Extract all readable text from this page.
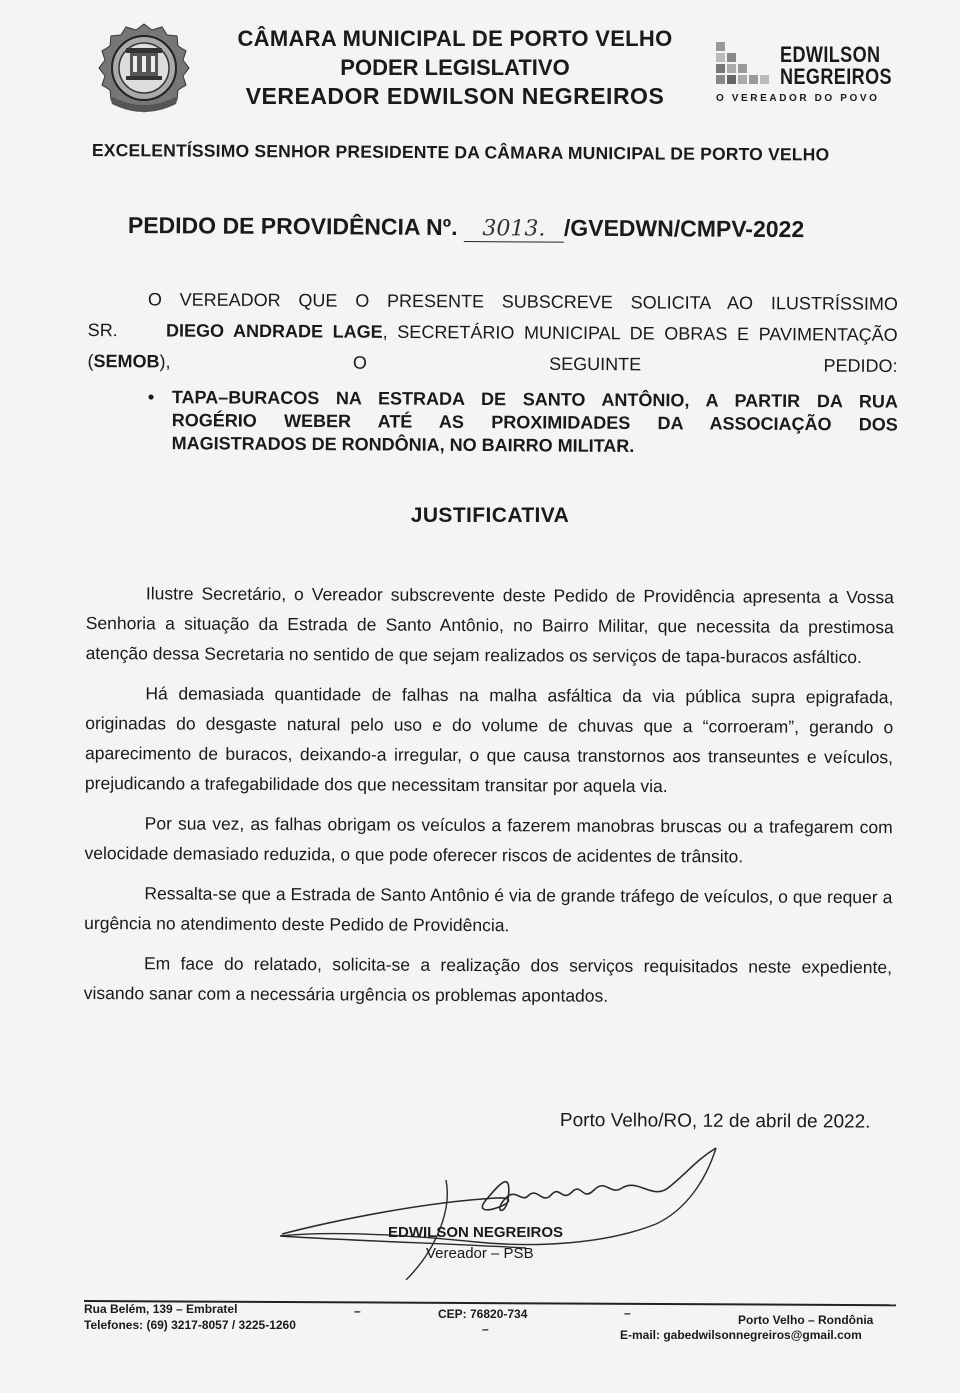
CÂMARA MUNICIPAL DE PORTO VELHO
PODER LEGISLATIVO
VEREADOR EDWILSON NEGREIROS
EDWILSON
NEGREIROS
O VEREADOR DO POVO
EXCELENTÍSSIMO SENHOR PRESIDENTE DA CÂMARA MUNICIPAL DE PORTO VELHO
PEDIDO DE PROVIDÊNCIA Nº. 3013. /GVEDWN/CMPV-2022
O VEREADOR QUE O PRESENTE SUBSCREVE SOLICITA AO ILUSTRÍSSIMO
SR.	DIEGO ANDRADE LAGE, SECRETÁRIO MUNICIPAL DE OBRAS E PAVIMENTAÇÃO (SEMOB), O SEGUINTE PEDIDO:
• TAPA–BURACOS NA ESTRADA DE SANTO ANTÔNIO, A PARTIR DA RUA
ROGÉRIO WEBER ATÉ AS PROXIMIDADES DA ASSOCIAÇÃO DOS
MAGISTRADOS DE RONDÔNIA, NO BAIRRO MILITAR.
JUSTIFICATIVA

Ilustre Secretário, o Vereador subscrevente deste Pedido de Providência apresenta a Vossa Senhoria a situação da Estrada de Santo Antônio, no Bairro Militar, que necessita da prestimosa atenção dessa Secretaria no sentido de que sejam realizados os serviços de tapa-buracos asfáltico.

Há demasiada quantidade de falhas na malha asfáltica da via pública supra epigrafada, originadas do desgaste natural pelo uso e do volume de chuvas que a “corroeram”, gerando o aparecimento de buracos, deixando-a irregular, o que causa transtornos aos transeuntes e veículos, prejudicando a trafegabilidade dos que necessitam transitar por aquela via.

Por sua vez, as falhas obrigam os veículos a fazerem manobras bruscas ou a trafegarem com velocidade demasiado reduzida, o que pode oferecer riscos de acidentes de trânsito.

Ressalta-se que a Estrada de Santo Antônio é via de grande tráfego de veículos, o que requer a urgência no atendimento deste Pedido de Providência.

Em face do relatado, solicita-se a realização dos serviços requisitados neste expediente, visando sanar com a necessária urgência os problemas apontados.

Porto Velho/RO, 12 de abril de 2022.
EDWILSON NEGREIROS
Vereador – PSB
Rua Belém, 139 – Embratel
Telefones: (69) 3217-8057 / 3225-1260
–	CEP: 76820-734
–
–	Porto Velho – Rondônia
E-mail: gabedwilsonnegreiros@gmail.com
